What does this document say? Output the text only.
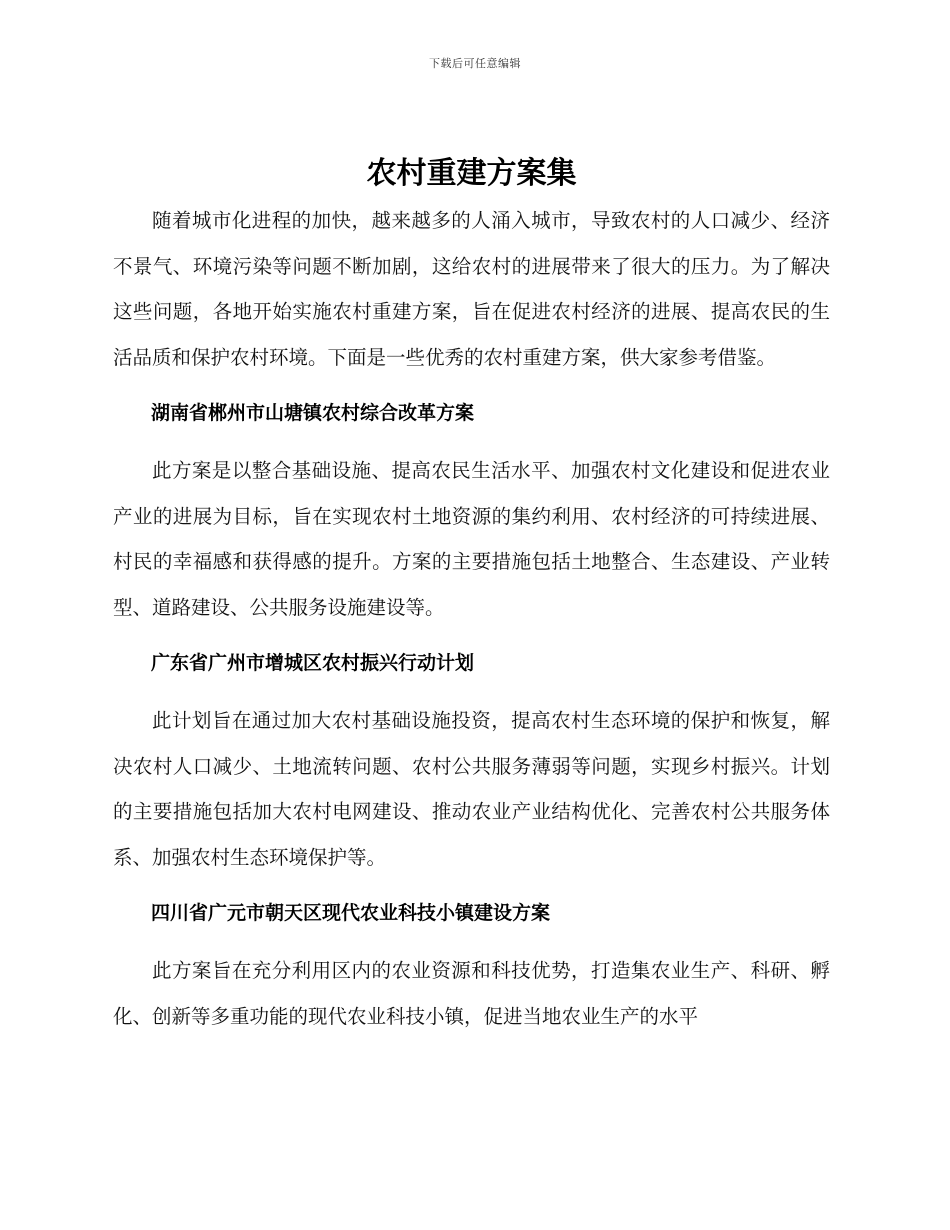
下载后可任意编辑
农村重建方案集

随着城市化进程的加快，越来越多的人涌入城市，导致农村的人口减少、经济不景气、环境污染等问题不断加剧，这给农村的进展带来了很大的压力。为了解决这些问题，各地开始实施农村重建方案，旨在促进农村经济的进展、提高农民的生活品质和保护农村环境。下面是一些优秀的农村重建方案，供大家参考借鉴。

湖南省郴州市山塘镇农村综合改革方案

此方案是以整合基础设施、提高农民生活水平、加强农村文化建设和促进农业产业的进展为目标，旨在实现农村土地资源的集约利用、农村经济的可持续进展、村民的幸福感和获得感的提升。方案的主要措施包括土地整合、生态建设、产业转型、道路建设、公共服务设施建设等。

广东省广州市增城区农村振兴行动计划

此计划旨在通过加大农村基础设施投资，提高农村生态环境的保护和恢复，解决农村人口减少、土地流转问题、农村公共服务薄弱等问题，实现乡村振兴。计划的主要措施包括加大农村电网建设、推动农业产业结构优化、完善农村公共服务体系、加强农村生态环境保护等。

四川省广元市朝天区现代农业科技小镇建设方案

此方案旨在充分利用区内的农业资源和科技优势，打造集农业生产、科研、孵化、创新等多重功能的现代农业科技小镇，促进当地农业生产的水平
